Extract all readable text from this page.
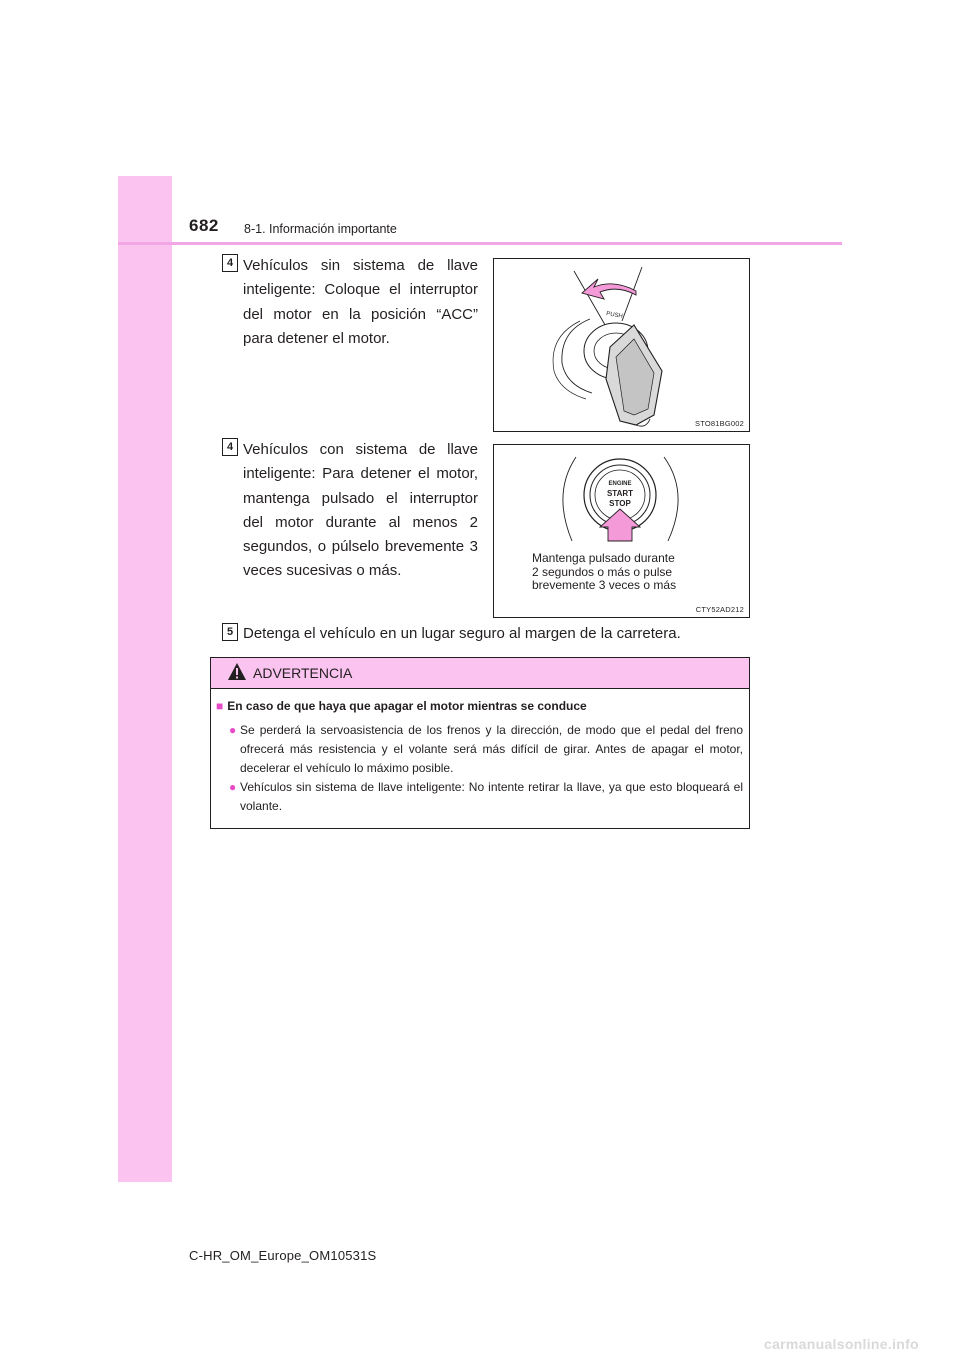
682 8-1. Información importante
4 Vehículos sin sistema de llave inteligente: Coloque el interruptor del motor en la posición “ACC” para detener el motor.
PUSH
STO81BG002
4 Vehículos con sistema de llave inteligente: Para detener el motor, mantenga pulsado el interruptor del motor durante al menos 2 segundos, o púlselo brevemente 3 veces sucesivas o más.
ENGINE
START
STOP
Mantenga pulsado durante
2 segundos o más o pulse
brevemente 3 veces o más
CTY52AD212
5 Detenga el vehículo en un lugar seguro al margen de la carretera.
ADVERTENCIA
■ En caso de que haya que apagar el motor mientras se conduce
● Se perderá la servoasistencia de los frenos y la dirección, de modo que el pedal del freno ofrecerá más resistencia y el volante será más difícil de girar. Antes de apagar el motor, decelerar el vehículo lo máximo posible.
● Vehículos sin sistema de llave inteligente: No intente retirar la llave, ya que esto bloqueará el volante.
C-HR_OM_Europe_OM10531S
carmanualsonline.info
